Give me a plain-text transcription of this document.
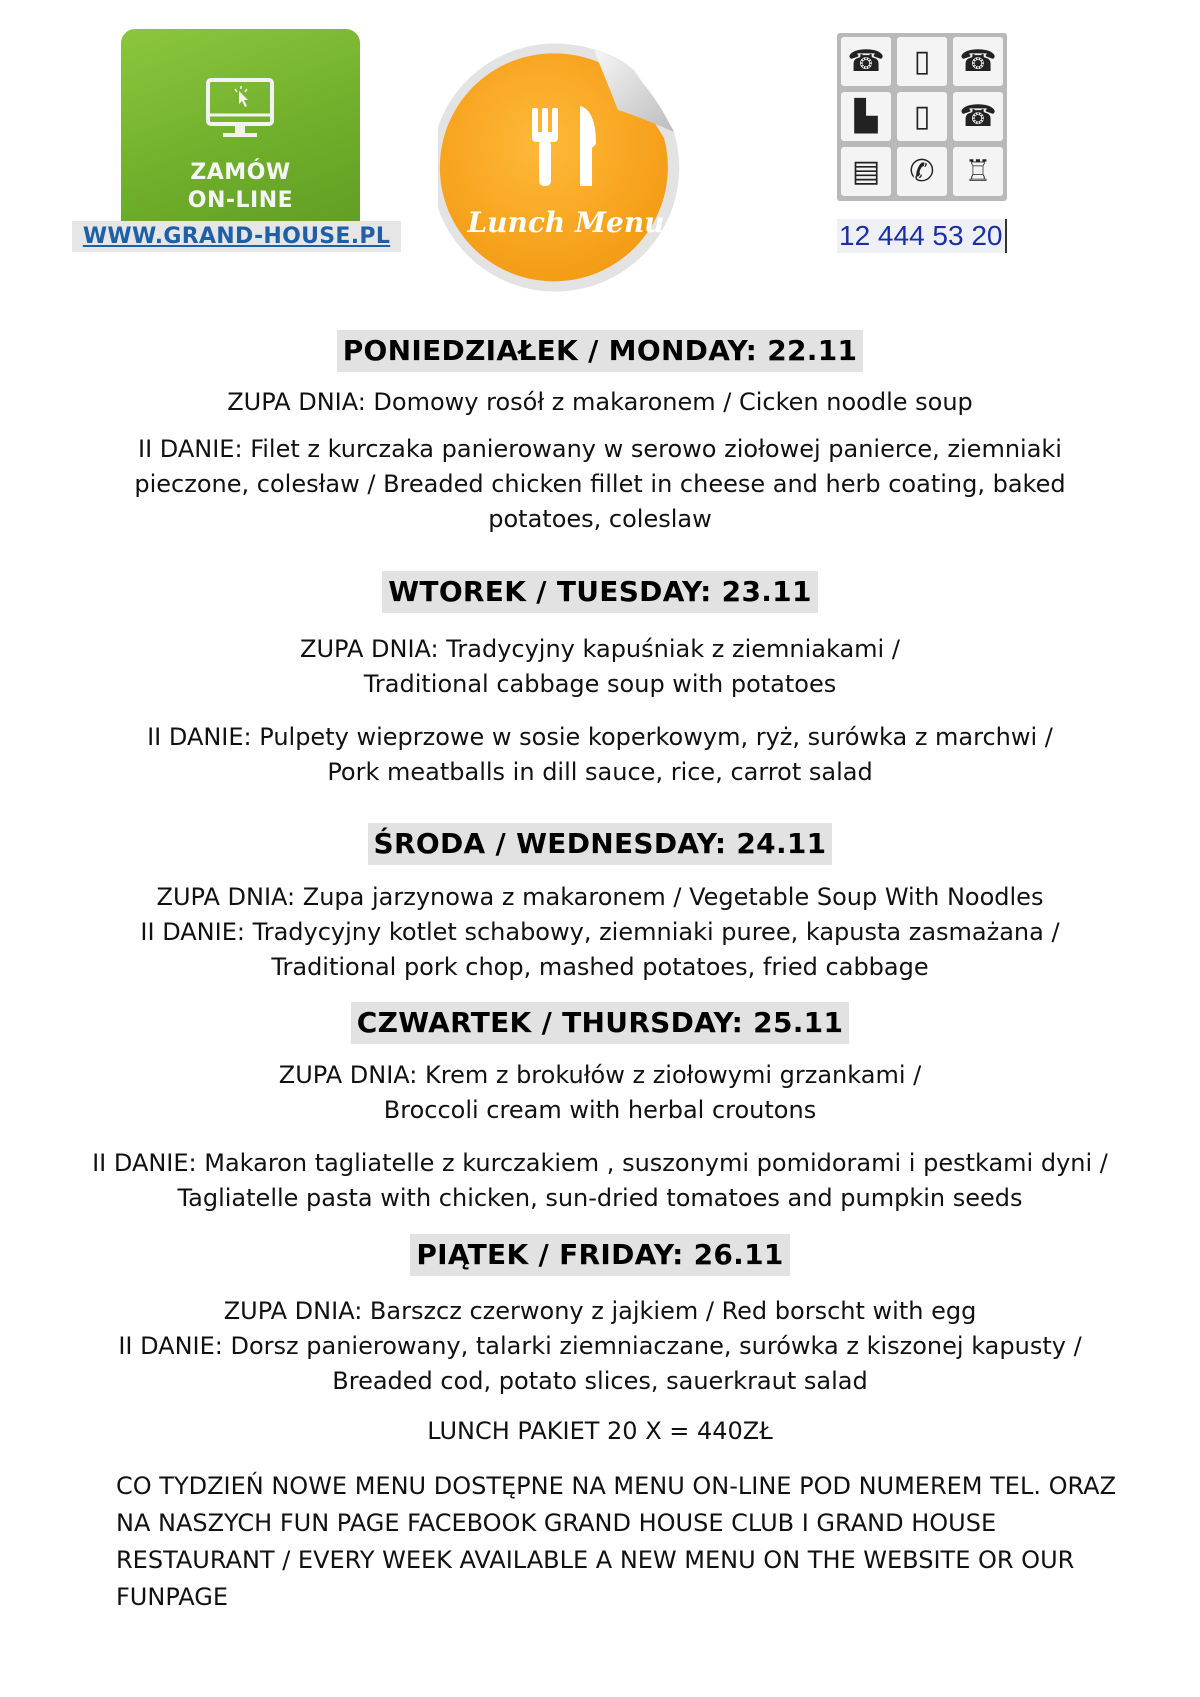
ZAMÓW
ON-LINE
WWW.GRAND-HOUSE.PL	Lunch Menu
☎ ▯ ☎
▙	▯ ☎
▤ ✆ ♖
12 444 53 20
PONIEDZIAŁEK / MONDAY: 22.11
ZUPA DNIA: Domowy rosół z makaronem / Cicken noodle soup
II DANIE: Filet z kurczaka panierowany w serowo ziołowej panierce, ziemniaki
pieczone, colesław / Breaded chicken fillet in cheese and herb coating, baked
potatoes, coleslaw
WTOREK / TUESDAY: 23.11
ZUPA DNIA: Tradycyjny kapuśniak z ziemniakami /
Traditional cabbage soup with potatoes
II DANIE: Pulpety wieprzowe w sosie koperkowym, ryż, surówka z marchwi /
Pork meatballs in dill sauce, rice, carrot salad
ŚRODA / WEDNESDAY: 24.11
ZUPA DNIA: Zupa jarzynowa z makaronem / Vegetable Soup With Noodles
II DANIE: Tradycyjny kotlet schabowy, ziemniaki puree, kapusta zasmażana /
Traditional pork chop, mashed potatoes, fried cabbage
CZWARTEK / THURSDAY: 25.11
ZUPA DNIA: Krem z brokułów z ziołowymi grzankami /
Broccoli cream with herbal croutons
II DANIE: Makaron tagliatelle z kurczakiem , suszonymi pomidorami i pestkami dyni /
Tagliatelle pasta with chicken, sun-dried tomatoes and pumpkin seeds
PIĄTEK / FRIDAY: 26.11
ZUPA DNIA: Barszcz czerwony z jajkiem / Red borscht with egg
II DANIE: Dorsz panierowany, talarki ziemniaczane, surówka z kiszonej kapusty /
Breaded cod, potato slices, sauerkraut salad
LUNCH PAKIET 20 X = 440ZŁ
CO TYDZIEŃ NOWE MENU DOSTĘPNE NA MENU ON-LINE POD NUMEREM TEL. ORAZ NA NASZYCH FUN PAGE FACEBOOK GRAND HOUSE CLUB I GRAND HOUSE RESTAURANT / EVERY WEEK AVAILABLE A NEW MENU ON THE WEBSITE OR OUR FUNPAGE
